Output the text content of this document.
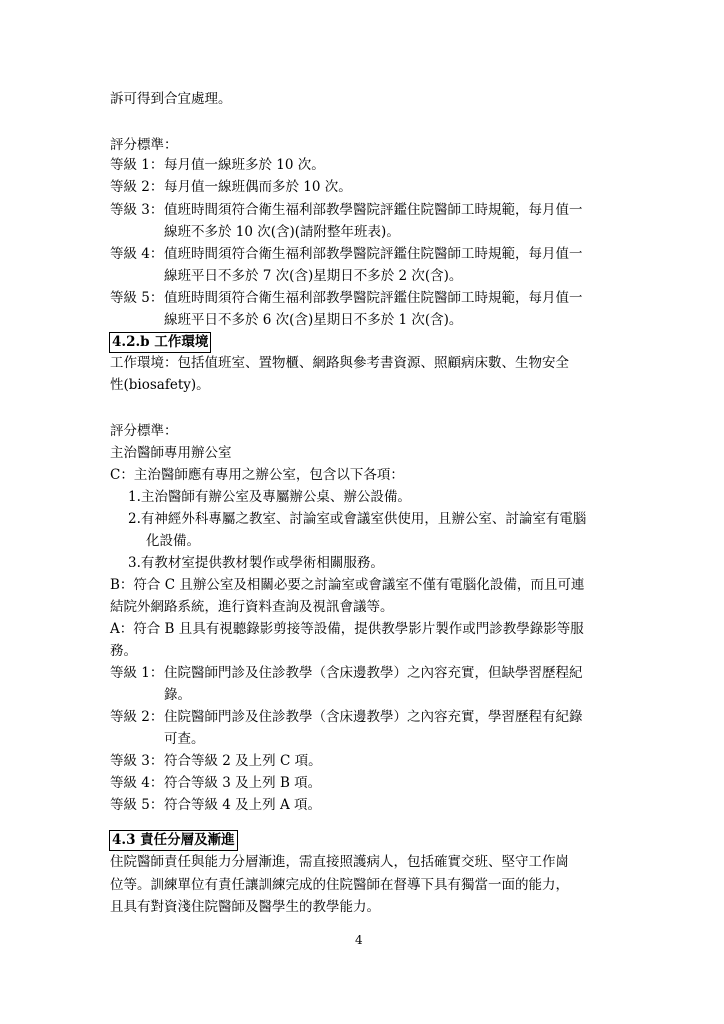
訴可得到合宜處理。
評分標準：
等級 1： 每月值一線班多於 10 次。
等級 2： 每月值一線班偶而多於 10 次。
等級 3： 值班時間須符合衛生福利部教學醫院評鑑住院醫師工時規範，每月值一
線班不多於 10 次(含)(請附整年班表)。
等級 4： 值班時間須符合衛生福利部教學醫院評鑑住院醫師工時規範，每月值一
線班平日不多於 7 次(含)星期日不多於 2 次(含)。
等級 5： 值班時間須符合衛生福利部教學醫院評鑑住院醫師工時規範，每月值一
線班平日不多於 6 次(含)星期日不多於 1 次(含)。
4.2.b 工作環境
工作環境：包括值班室、置物櫃、網路與參考書資源、照顧病床數、生物安全
性(biosafety)。
評分標準：
主治醫師專用辦公室
C：主治醫師應有專用之辦公室，包含以下各項：
1.主治醫師有辦公室及專屬辦公桌、辦公設備。
2.有神經外科專屬之教室、討論室或會議室供使用，且辦公室、討論室有電腦
化設備。
3.有教材室提供教材製作或學術相關服務。
B：符合 C 且辦公室及相關必要之討論室或會議室不僅有電腦化設備，而且可連
結院外網路系統，進行資料查詢及視訊會議等。
A：符合 B 且具有視聽錄影剪接等設備，提供教學影片製作或門診教學錄影等服
務。
等級 1： 住院醫師門診及住診教學（含床邊教學）之內容充實，但缺學習歷程紀
錄。
等級 2： 住院醫師門診及住診教學（含床邊教學）之內容充實，學習歷程有紀錄
可查。
等級 3： 符合等級 2 及上列 C 項。
等級 4： 符合等級 3 及上列 B 項。
等級 5： 符合等級 4 及上列 A 項。
4.3 責任分層及漸進
住院醫師責任與能力分層漸進，需直接照護病人，包括確實交班、堅守工作崗
位等。訓練單位有責任讓訓練完成的住院醫師在督導下具有獨當一面的能力，
且具有對資淺住院醫師及醫學生的教學能力。
4
